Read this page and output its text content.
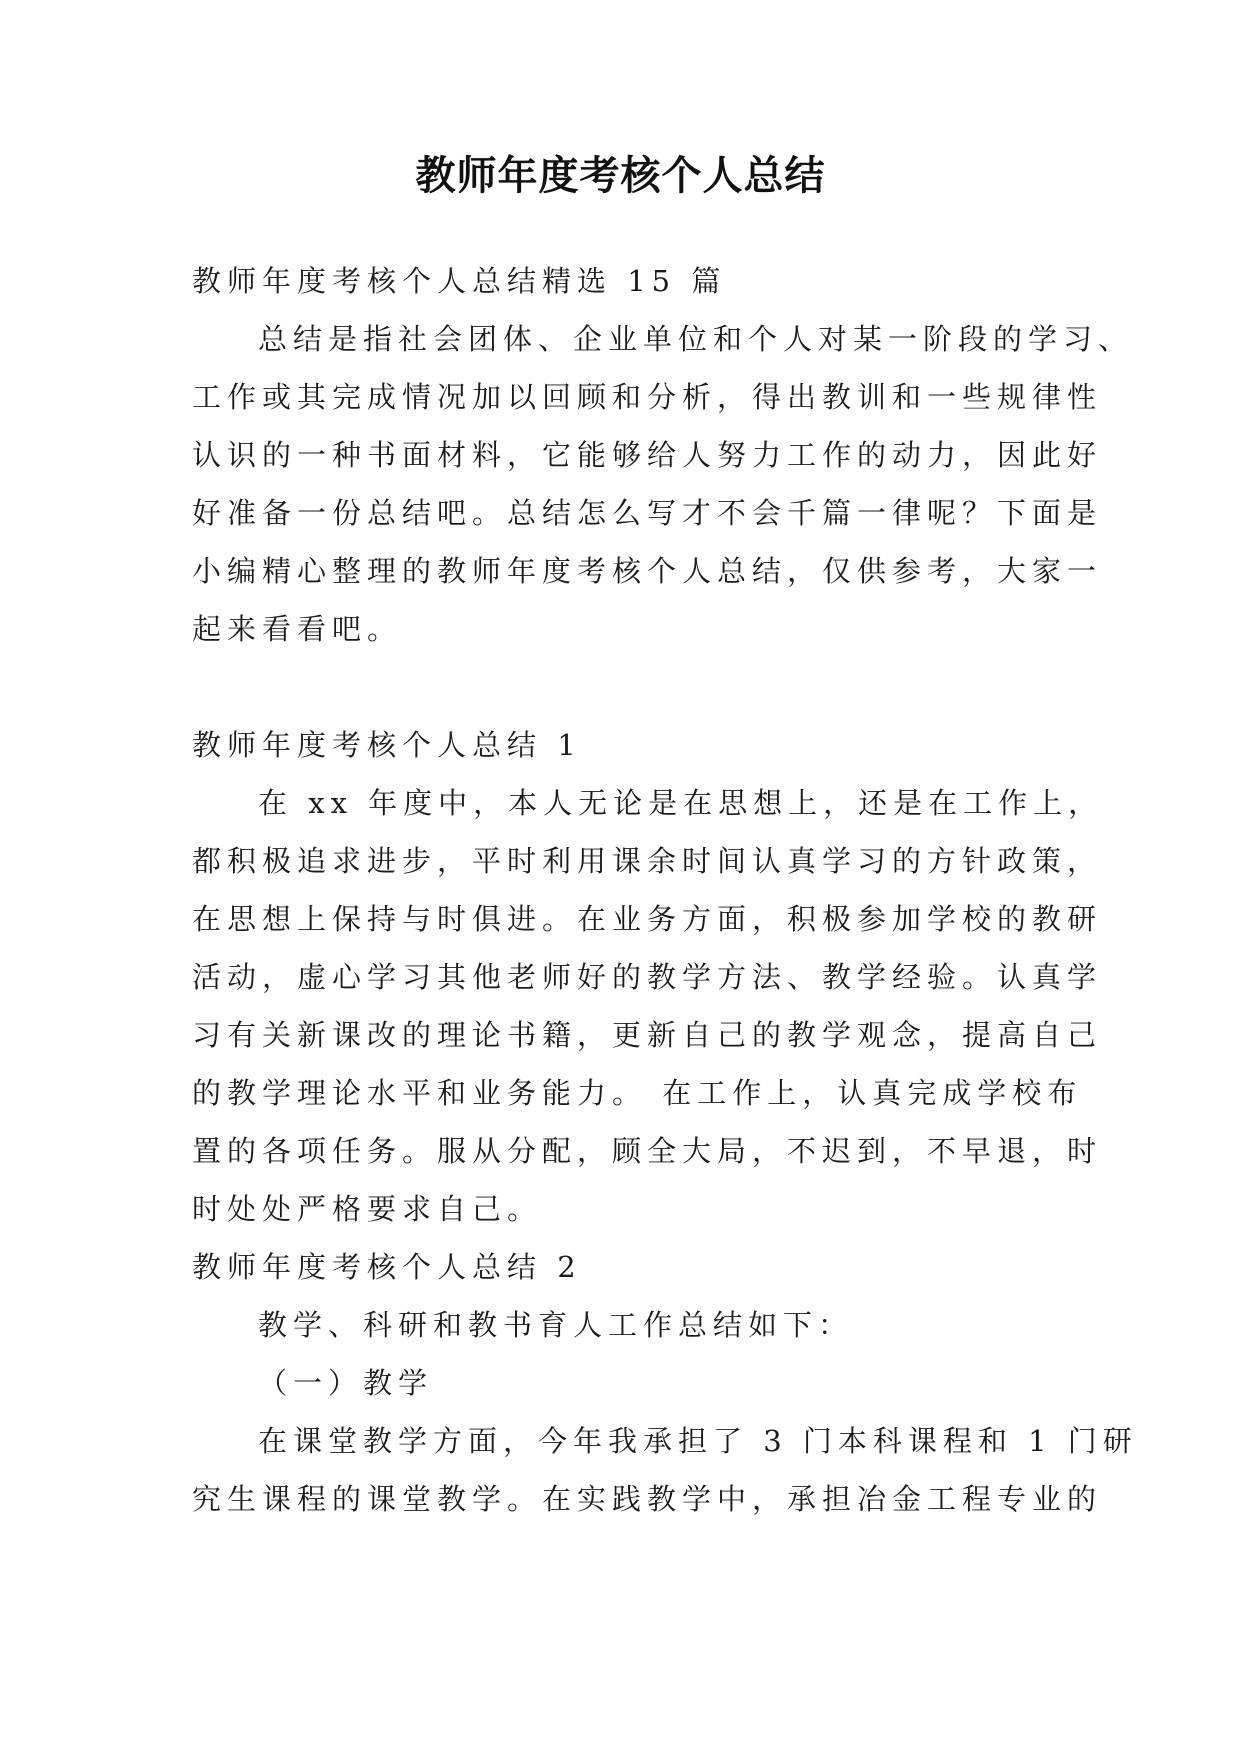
教师年度考核个人总结
教师年度考核个人总结精选 15 篇
总结是指社会团体、企业单位和个人对某一阶段的学习、
工作或其完成情况加以回顾和分析，得出教训和一些规律性
认识的一种书面材料，它能够给人努力工作的动力，因此好
好准备一份总结吧。总结怎么写才不会千篇一律呢？下面是
小编精心整理的教师年度考核个人总结，仅供参考，大家一
起来看看吧。
教师年度考核个人总结 1
在 xx 年度中，本人无论是在思想上，还是在工作上，
都积极追求进步，平时利用课余时间认真学习的方针政策，
在思想上保持与时俱进。在业务方面，积极参加学校的教研
活动，虚心学习其他老师好的教学方法、教学经验。认真学
习有关新课改的理论书籍，更新自己的教学观念，提高自己
的教学理论水平和业务能力。 在工作上，认真完成学校布
置的各项任务。服从分配，顾全大局，不迟到，不早退，时
时处处严格要求自己。
教师年度考核个人总结 2
教学、科研和教书育人工作总结如下：
（一）教学
在课堂教学方面，今年我承担了 3 门本科课程和 1 门研
究生课程的课堂教学。在实践教学中，承担冶金工程专业的
